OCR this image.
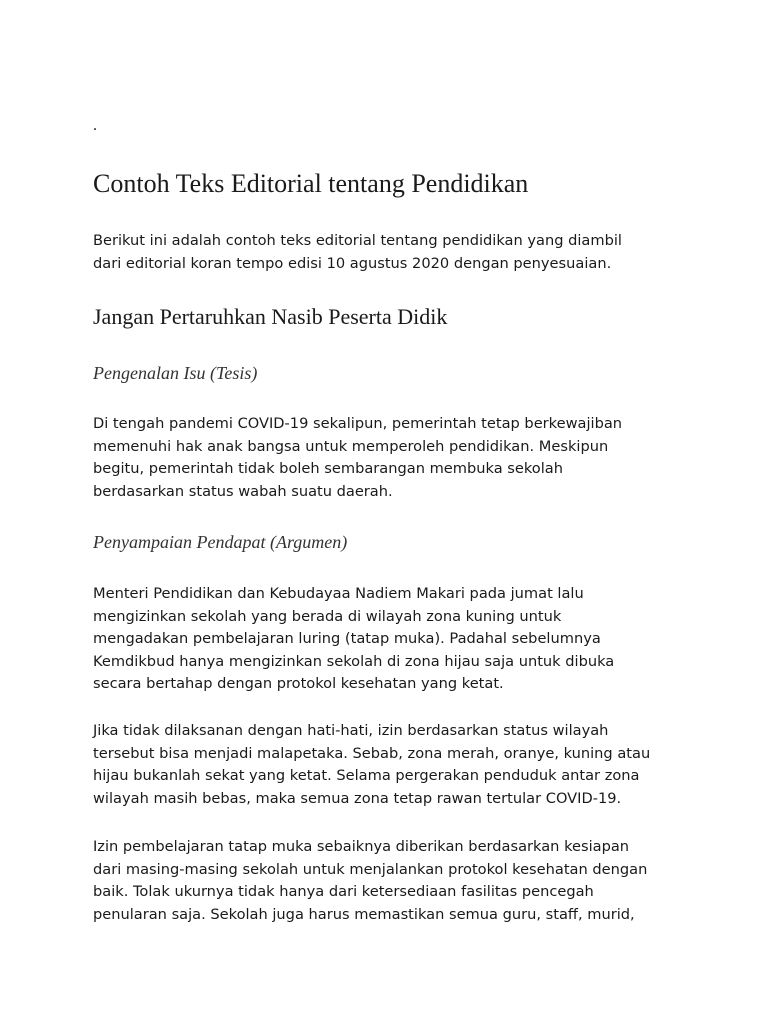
.
Contoh Teks Editorial tentang Pendidikan

Berikut ini adalah contoh teks editorial tentang pendidikan yang diambil
dari editorial koran tempo edisi 10 agustus 2020 dengan penyesuaian.

Jangan Pertaruhkan Nasib Peserta Didik
Pengenalan Isu (Tesis)

Di tengah pandemi COVID-19 sekalipun, pemerintah tetap berkewajiban
memenuhi hak anak bangsa untuk memperoleh pendidikan. Meskipun
begitu, pemerintah tidak boleh sembarangan membuka sekolah
berdasarkan status wabah suatu daerah.

Penyampaian Pendapat (Argumen)

Menteri Pendidikan dan Kebudayaa Nadiem Makari pada jumat lalu
mengizinkan sekolah yang berada di wilayah zona kuning untuk
mengadakan pembelajaran luring (tatap muka). Padahal sebelumnya
Kemdikbud hanya mengizinkan sekolah di zona hijau saja untuk dibuka
secara bertahap dengan protokol kesehatan yang ketat.

Jika tidak dilaksanan dengan hati-hati, izin berdasarkan status wilayah
tersebut bisa menjadi malapetaka. Sebab, zona merah, oranye, kuning atau
hijau bukanlah sekat yang ketat. Selama pergerakan penduduk antar zona
wilayah masih bebas, maka semua zona tetap rawan tertular COVID-19.

Izin pembelajaran tatap muka sebaiknya diberikan berdasarkan kesiapan
dari masing-masing sekolah untuk menjalankan protokol kesehatan dengan
baik. Tolak ukurnya tidak hanya dari ketersediaan fasilitas pencegah
penularan saja. Sekolah juga harus memastikan semua guru, staff, murid,
